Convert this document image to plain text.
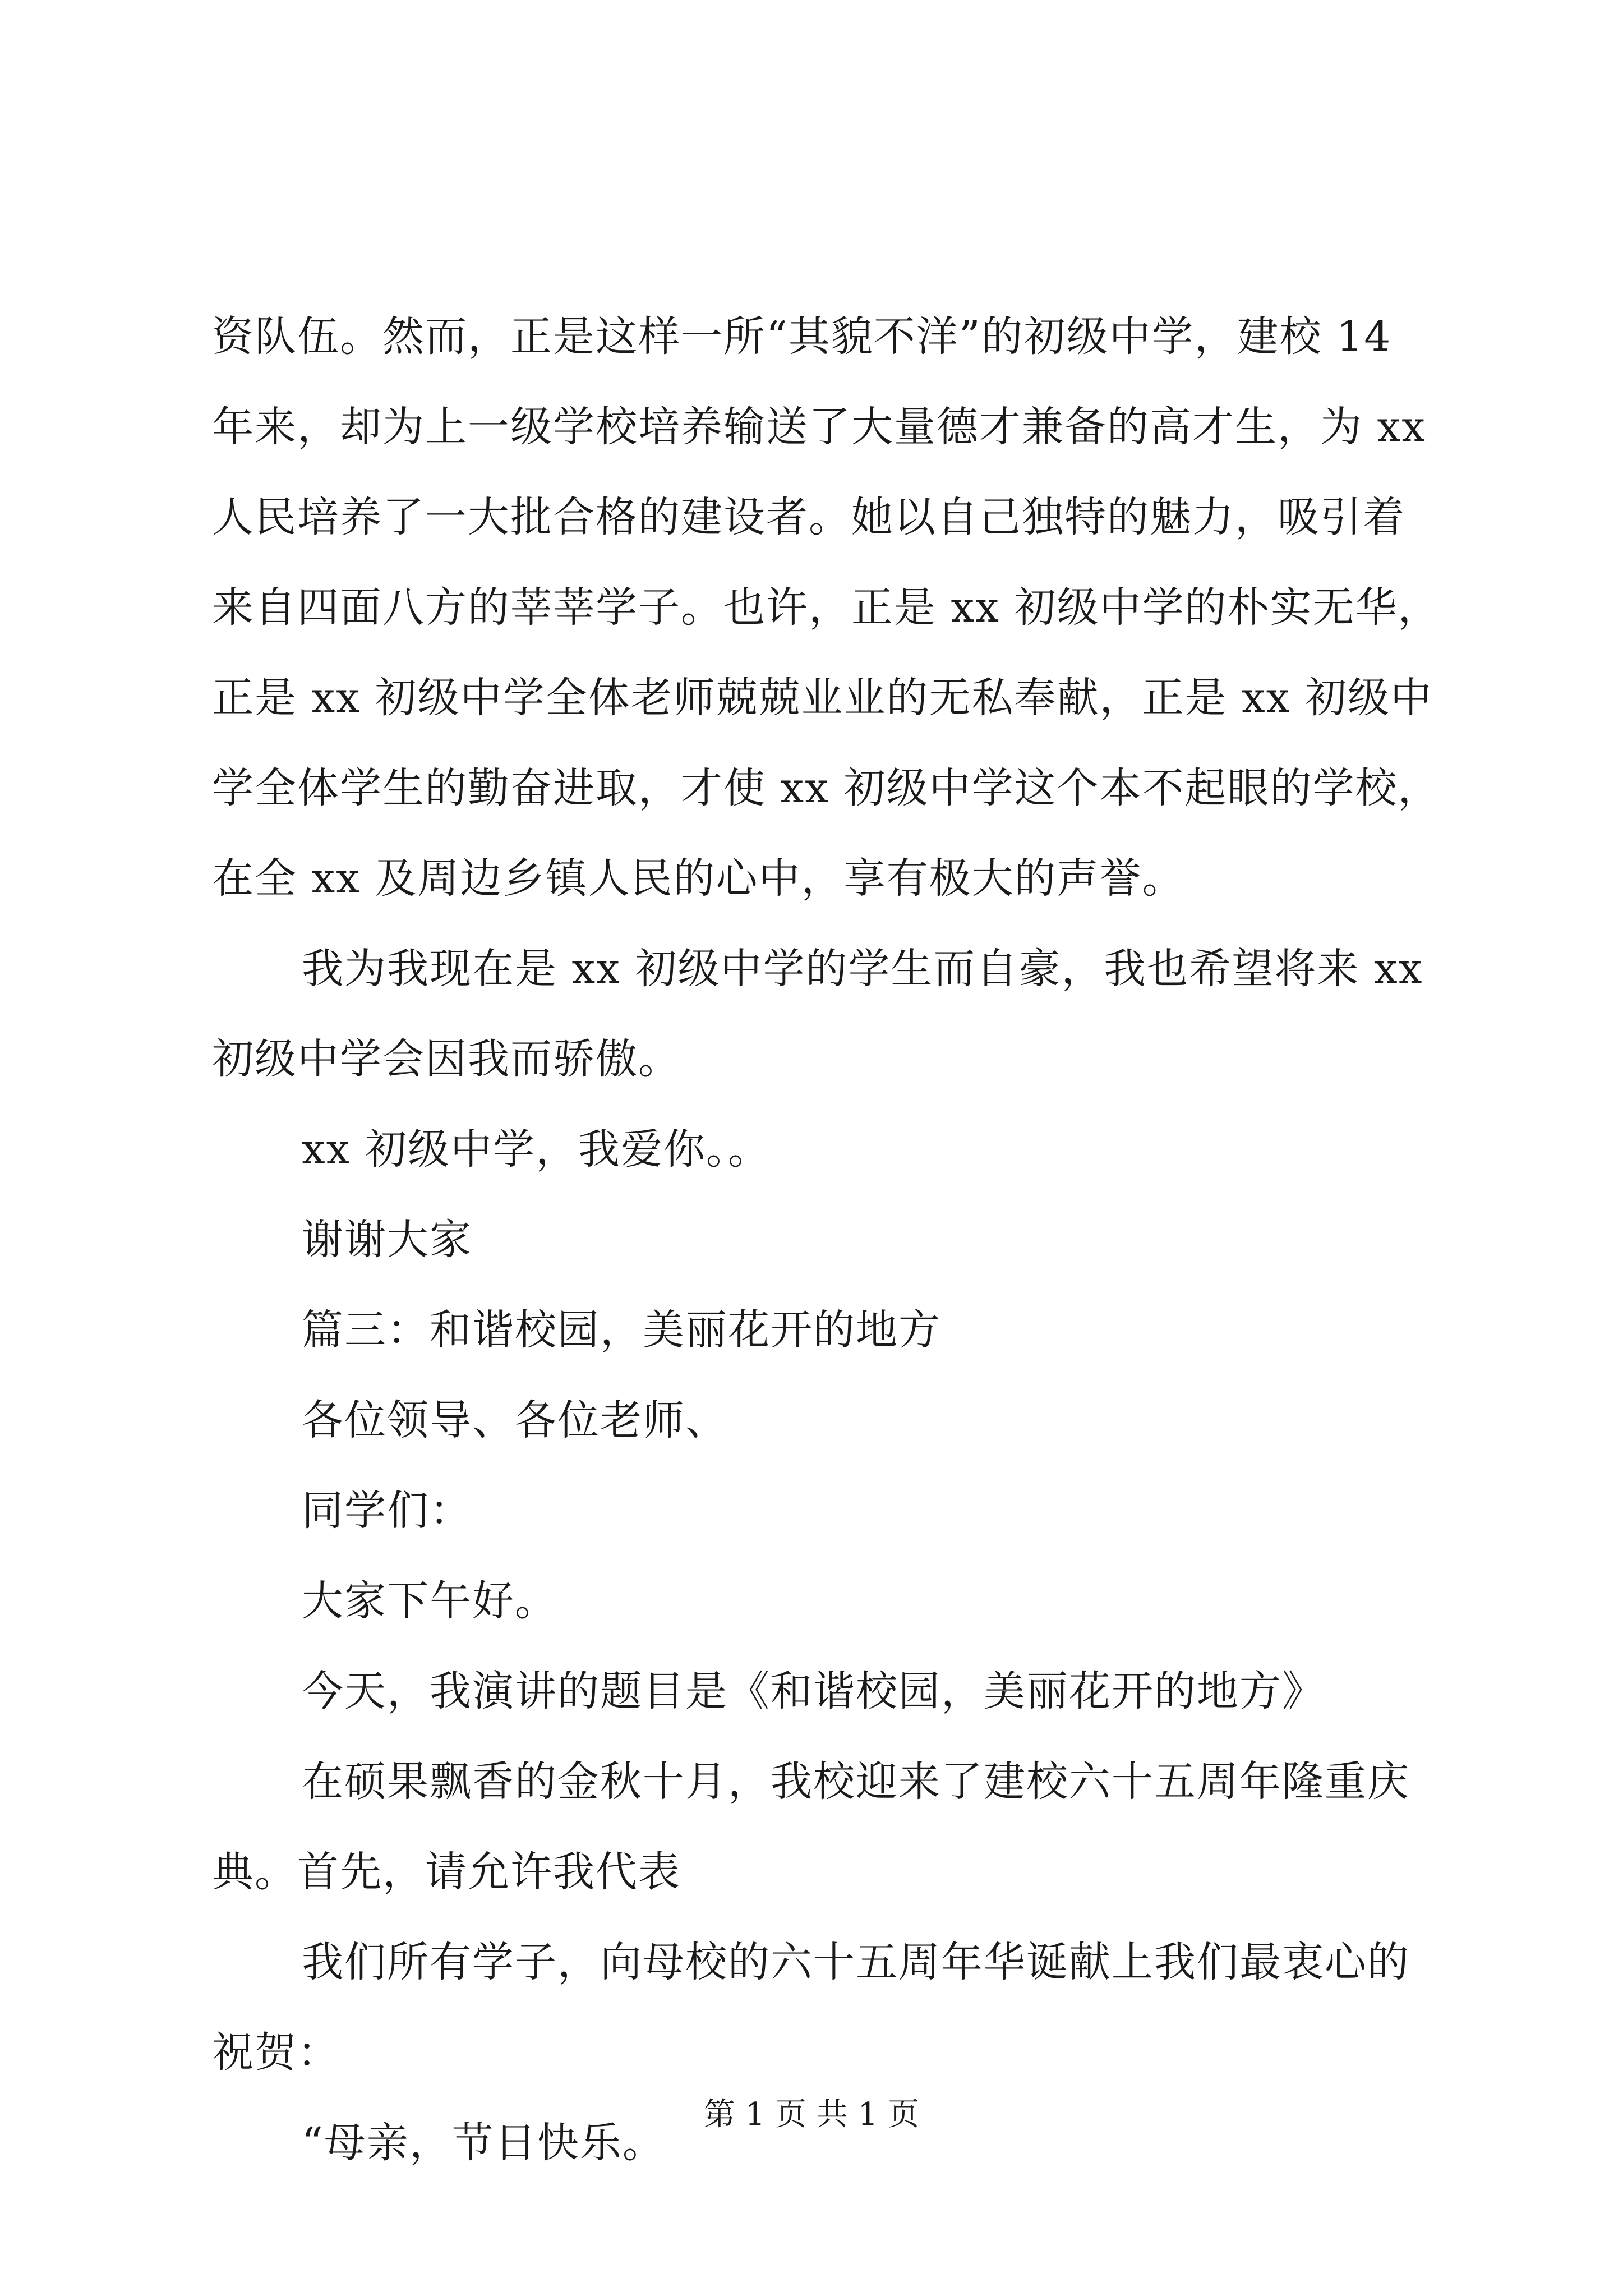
资队伍。然而，正是这样一所“其貌不洋”的初级中学，建校 14
年来，却为上一级学校培养输送了大量德才兼备的高才生，为 xx
人民培养了一大批合格的建设者。她以自己独特的魅力，吸引着
来自四面八方的莘莘学子。也许，正是 xx 初级中学的朴实无华，
正是 xx 初级中学全体老师兢兢业业的无私奉献，正是 xx 初级中
学全体学生的勤奋进取，才使 xx 初级中学这个本不起眼的学校，
在全 xx 及周边乡镇人民的心中，享有极大的声誉。
我为我现在是 xx 初级中学的学生而自豪，我也希望将来 xx
初级中学会因我而骄傲。
xx 初级中学，我爱你。。
谢谢大家
篇三：和谐校园，美丽花开的地方
各位领导、各位老师、
同学们：
大家下午好。
今天，我演讲的题目是《和谐校园，美丽花开的地方》
在硕果飘香的金秋十月，我校迎来了建校六十五周年隆重庆
典。首先，请允许我代表
我们所有学子，向母校的六十五周年华诞献上我们最衷心的
祝贺：
“母亲，节日快乐。
第 1 页 共 1 页
